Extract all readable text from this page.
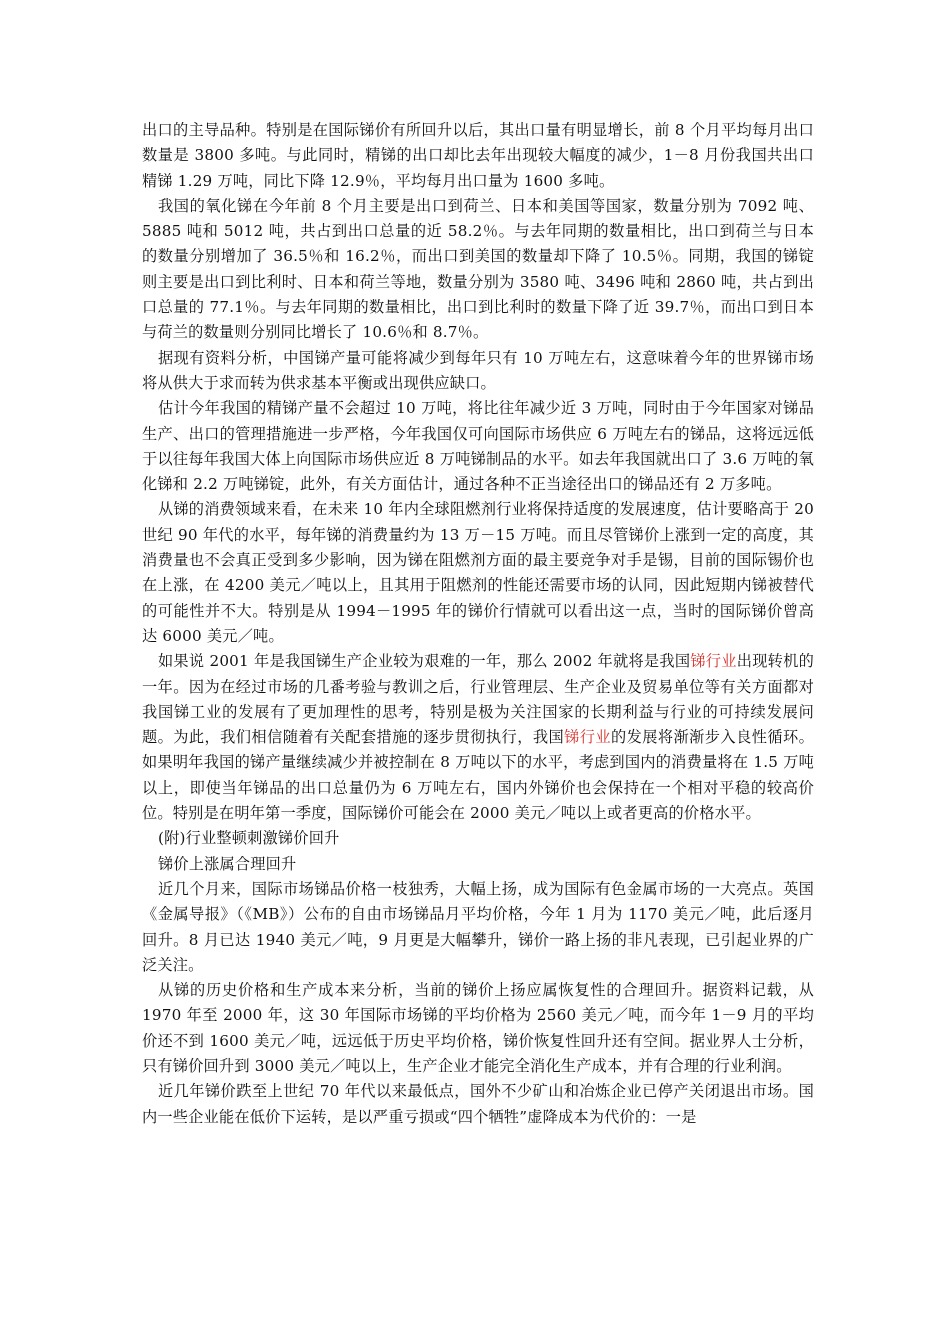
出口的主导品种。特别是在国际锑价有所回升以后，其出口量有明显增长，前 8 个月平均每月出口数量是 3800 多吨。与此同时，精锑的出口却比去年出现较大幅度的减少，1－8 月份我国共出口精锑 1.29 万吨，同比下降 12.9％，平均每月出口量为 1600 多吨。

我国的氧化锑在今年前 8 个月主要是出口到荷兰、日本和美国等国家，数量分别为 7092 吨、5885 吨和 5012 吨，共占到出口总量的近 58.2％。与去年同期的数量相比，出口到荷兰与日本的数量分别增加了 36.5％和 16.2％，而出口到美国的数量却下降了 10.5％。同期，我国的锑锭则主要是出口到比利时、日本和荷兰等地，数量分别为 3580 吨、3496 吨和 2860 吨，共占到出口总量的 77.1％。与去年同期的数量相比，出口到比利时的数量下降了近 39.7％，而出口到日本与荷兰的数量则分别同比增长了 10.6％和 8.7％。

据现有资料分析，中国锑产量可能将减少到每年只有 10 万吨左右，这意味着今年的世界锑市场将从供大于求而转为供求基本平衡或出现供应缺口。

估计今年我国的精锑产量不会超过 10 万吨，将比往年减少近 3 万吨，同时由于今年国家对锑品生产、出口的管理措施进一步严格，今年我国仅可向国际市场供应 6 万吨左右的锑品，这将远远低于以往每年我国大体上向国际市场供应近 8 万吨锑制品的水平。如去年我国就出口了 3.6 万吨的氧化锑和 2.2 万吨锑锭，此外，有关方面估计，通过各种不正当途径出口的锑品还有 2 万多吨。

从锑的消费领域来看，在未来 10 年内全球阻燃剂行业将保持适度的发展速度，估计要略高于 20 世纪 90 年代的水平，每年锑的消费量约为 13 万－15 万吨。而且尽管锑价上涨到一定的高度，其消费量也不会真正受到多少影响，因为锑在阻燃剂方面的最主要竞争对手是锡，目前的国际锡价也在上涨，在 4200 美元／吨以上，且其用于阻燃剂的性能还需要市场的认同，因此短期内锑被替代的可能性并不大。特别是从 1994－1995 年的锑价行情就可以看出这一点，当时的国际锑价曾高达 6000 美元／吨。

如果说 2001 年是我国锑生产企业较为艰难的一年，那么 2002 年就将是我国锑行业出现转机的一年。因为在经过市场的几番考验与教训之后，行业管理层、生产企业及贸易单位等有关方面都对我国锑工业的发展有了更加理性的思考，特别是极为关注国家的长期利益与行业的可持续发展问题。为此，我们相信随着有关配套措施的逐步贯彻执行，我国锑行业的发展将渐渐步入良性循环。如果明年我国的锑产量继续减少并被控制在 8 万吨以下的水平，考虑到国内的消费量将在 1.5 万吨以上，即使当年锑品的出口总量仍为 6 万吨左右，国内外锑价也会保持在一个相对平稳的较高价位。特别是在明年第一季度，国际锑价可能会在 2000 美元／吨以上或者更高的价格水平。

(附)行业整顿刺激锑价回升

锑价上涨属合理回升

近几个月来，国际市场锑品价格一枝独秀，大幅上扬，成为国际有色金属市场的一大亮点。英国《金属导报》（《MB》）公布的自由市场锑品月平均价格，今年 1 月为 1170 美元／吨，此后逐月回升。8 月已达 1940 美元／吨，9 月更是大幅攀升，锑价一路上扬的非凡表现，已引起业界的广泛关注。

从锑的历史价格和生产成本来分析，当前的锑价上扬应属恢复性的合理回升。据资料记载，从 1970 年至 2000 年，这 30 年国际市场锑的平均价格为 2560 美元／吨，而今年 1－9 月的平均价还不到 1600 美元／吨，远远低于历史平均价格，锑价恢复性回升还有空间。据业界人士分析，只有锑价回升到 3000 美元／吨以上，生产企业才能完全消化生产成本，并有合理的行业利润。

近几年锑价跌至上世纪 70 年代以来最低点，国外不少矿山和冶炼企业已停产关闭退出市场。国内一些企业能在低价下运转，是以严重亏损或“四个牺牲”虚降成本为代价的：一是
